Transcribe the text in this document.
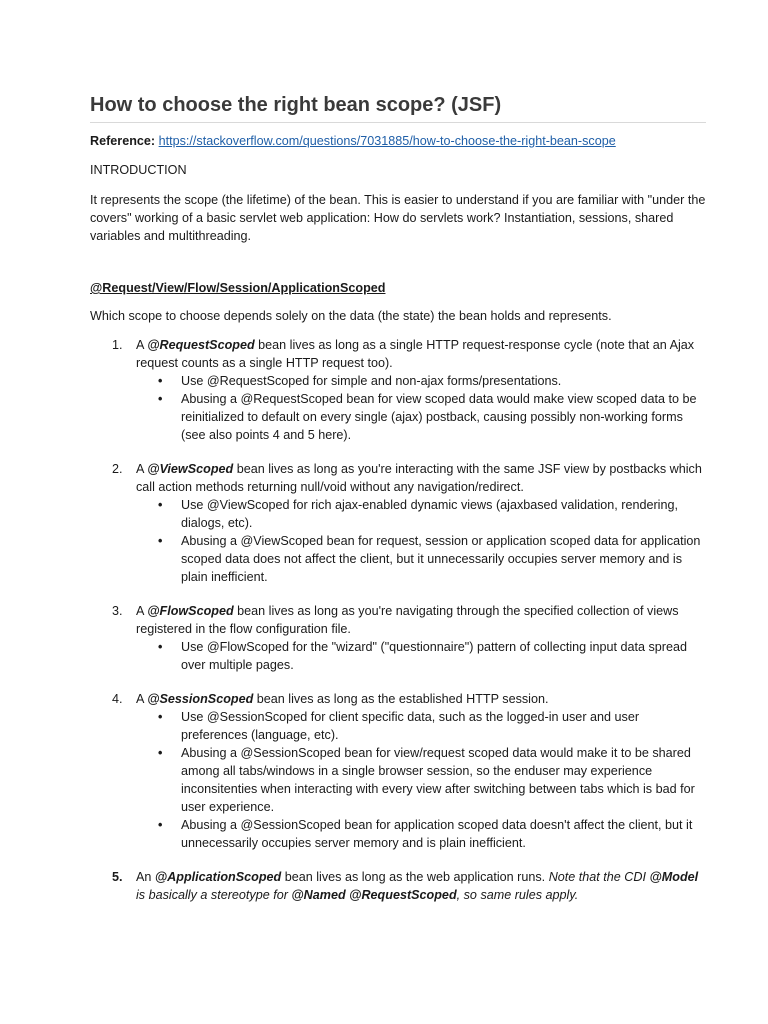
How to choose the right bean scope? (JSF)

Reference: https://stackoverflow.com/questions/7031885/how-to-choose-the-right-bean-scope

INTRODUCTION

It represents the scope (the lifetime) of the bean. This is easier to understand if you are familiar with "under the covers" working of a basic servlet web application: How do servlets work? Instantiation, sessions, shared variables and multithreading.

@Request/View/Flow/Session/ApplicationScoped

Which scope to choose depends solely on the data (the state) the bean holds and represents.

1. A @RequestScoped bean lives as long as a single HTTP request-response cycle (note that an Ajax request counts as a single HTTP request too).

• Use @RequestScoped for simple and non-ajax forms/presentations.
• Abusing a @RequestScoped bean for view scoped data would make view scoped data to be reinitialized to default on every single (ajax) postback, causing possibly non-working forms (see also points 4 and 5 here).
2. A @ViewScoped bean lives as long as you're interacting with the same JSF view by postbacks which call action methods returning null/void without any navigation/redirect.

• Use @ViewScoped for rich ajax-enabled dynamic views (ajaxbased validation, rendering, dialogs, etc).
• Abusing a @ViewScoped bean for request, session or application scoped data for application scoped data does not affect the client, but it unnecessarily occupies server memory and is plain inefficient.
3. A @FlowScoped bean lives as long as you're navigating through the specified collection of views registered in the flow configuration file.

• Use @FlowScoped for the "wizard" ("questionnaire") pattern of collecting input data spread over multiple pages.
4. A @SessionScoped bean lives as long as the established HTTP session.

• Use @SessionScoped for client specific data, such as the logged-in user and user preferences (language, etc).
• Abusing a @SessionScoped bean for view/request scoped data would make it to be shared among all tabs/windows in a single browser session, so the enduser may experience inconsitenties when interacting with every view after switching between tabs which is bad for user experience.
• Abusing a @SessionScoped bean for application scoped data doesn't affect the client, but it unnecessarily occupies server memory and is plain inefficient.
5. An @ApplicationScoped bean lives as long as the web application runs. Note that the CDI @Model is basically a stereotype for @Named @RequestScoped, so same rules apply.
